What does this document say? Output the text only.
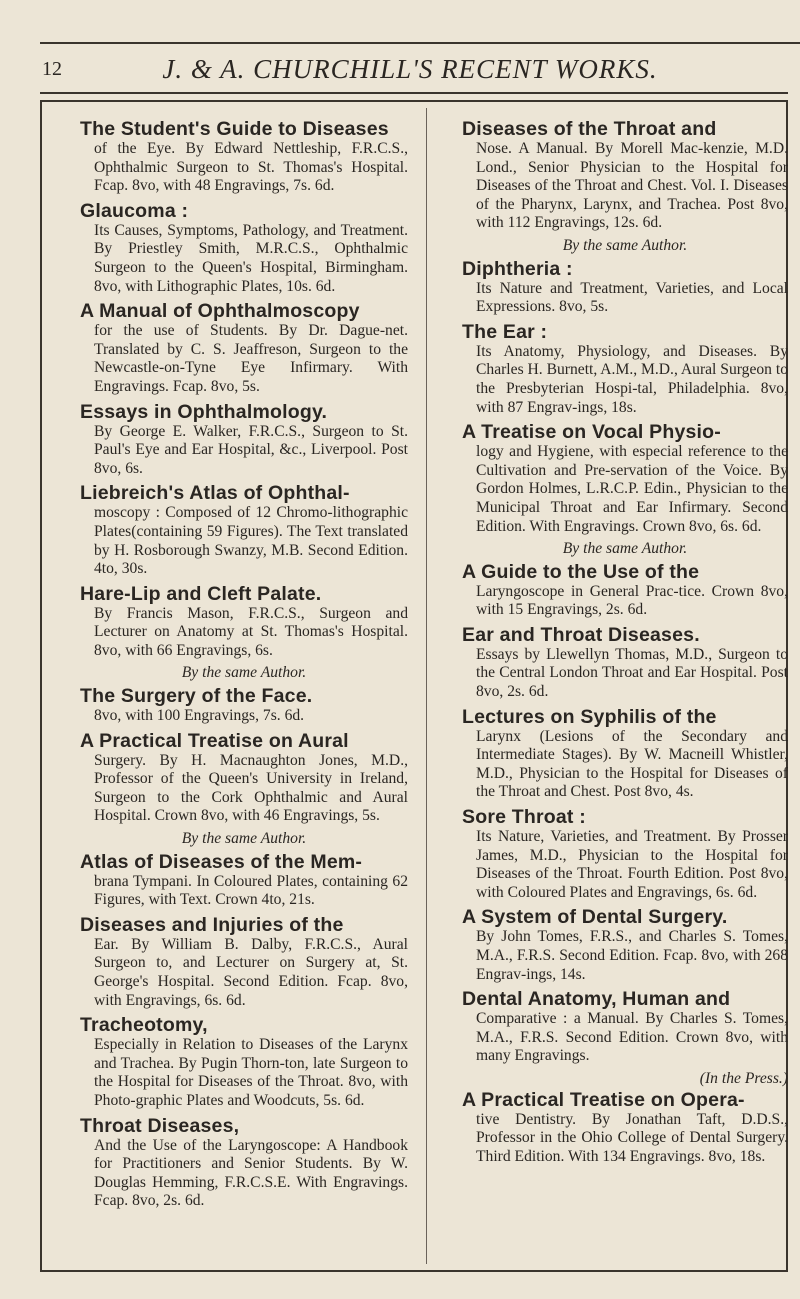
12	J. & A. CHURCHILL'S RECENT WORKS.
The Student's Guide to Diseases
of the Eye. By Edward Nettleship, F.R.C.S., Ophthalmic Surgeon to St. Thomas's Hospital. Fcap. 8vo, with 48 Engravings, 7s. 6d.
Glaucoma :
Its Causes, Symptoms, Pathology, and Treatment. By Priestley Smith, M.R.C.S., Ophthalmic Surgeon to the Queen's Hospital, Birmingham. 8vo, with Lithographic Plates, 10s. 6d.
A Manual of Ophthalmoscopy
for the use of Students. By Dr. Dague-net. Translated by C. S. Jeaffreson, Surgeon to the Newcastle-on-Tyne Eye Infirmary. With Engravings. Fcap. 8vo, 5s.
Essays in Ophthalmology.
By George E. Walker, F.R.C.S., Surgeon to St. Paul's Eye and Ear Hospital, &c., Liverpool. Post 8vo, 6s.
Liebreich's Atlas of Ophthal-
moscopy : Composed of 12 Chromo-lithographic Plates(containing 59 Figures). The Text translated by H. Rosborough Swanzy, M.B. Second Edition. 4to, 30s.
Hare-Lip and Cleft Palate.
By Francis Mason, F.R.C.S., Surgeon and Lecturer on Anatomy at St. Thomas's Hospital. 8vo, with 66 Engravings, 6s.
By the same Author.
The Surgery of the Face.
8vo, with 100 Engravings, 7s. 6d.
A Practical Treatise on Aural
Surgery. By H. Macnaughton Jones, M.D., Professor of the Queen's University in Ireland, Surgeon to the Cork Ophthalmic and Aural Hospital. Crown 8vo, with 46 Engravings, 5s.
By the same Author.
Atlas of Diseases of the Mem-
brana Tympani. In Coloured Plates, containing 62 Figures, with Text. Crown 4to, 21s.
Diseases and Injuries of the
Ear. By William B. Dalby, F.R.C.S., Aural Surgeon to, and Lecturer on Surgery at, St. George's Hospital. Second Edition. Fcap. 8vo, with Engravings, 6s. 6d.
Tracheotomy,
Especially in Relation to Diseases of the Larynx and Trachea. By Pugin Thorn-ton, late Surgeon to the Hospital for Diseases of the Throat. 8vo, with Photo-graphic Plates and Woodcuts, 5s. 6d.
Throat Diseases,
And the Use of the Laryngoscope: A Handbook for Practitioners and Senior Students. By W. Douglas Hemming, F.R.C.S.E. With Engravings. Fcap. 8vo, 2s. 6d.
Diseases of the Throat and
Nose. A Manual. By Morell Mac-kenzie, M.D. Lond., Senior Physician to the Hospital for Diseases of the Throat and Chest. Vol. I. Diseases of the Pharynx, Larynx, and Trachea. Post 8vo, with 112 Engravings, 12s. 6d.
By the same Author.
Diphtheria :
Its Nature and Treatment, Varieties, and Local Expressions. 8vo, 5s.
The Ear :
Its Anatomy, Physiology, and Diseases. By Charles H. Burnett, A.M., M.D., Aural Surgeon to the Presbyterian Hospi-tal, Philadelphia. 8vo, with 87 Engrav-ings, 18s.
A Treatise on Vocal Physio-
logy and Hygiene, with especial reference to the Cultivation and Pre-servation of the Voice. By Gordon Holmes, L.R.C.P. Edin., Physician to the Municipal Throat and Ear Infirmary. Second Edition. With Engravings. Crown 8vo, 6s. 6d.
By the same Author.
A Guide to the Use of the
Laryngoscope in General Prac-tice. Crown 8vo, with 15 Engravings, 2s. 6d.
Ear and Throat Diseases.
Essays by Llewellyn Thomas, M.D., Surgeon to the Central London Throat and Ear Hospital. Post 8vo, 2s. 6d.
Lectures on Syphilis of the
Larynx (Lesions of the Secondary and Intermediate Stages). By W. Macneill Whistler, M.D., Physician to the Hospital for Diseases of the Throat and Chest. Post 8vo, 4s.
Sore Throat :
Its Nature, Varieties, and Treatment. By Prosser James, M.D., Physician to the Hospital for Diseases of the Throat. Fourth Edition. Post 8vo, with Coloured Plates and Engravings, 6s. 6d.
A System of Dental Surgery.
By John Tomes, F.R.S., and Charles S. Tomes, M.A., F.R.S. Second Edition. Fcap. 8vo, with 268 Engrav-ings, 14s.
Dental Anatomy, Human and
Comparative : a Manual. By Charles S. Tomes, M.A., F.R.S. Second Edition. Crown 8vo, with many Engravings.
(In the Press.)
A Practical Treatise on Opera-
tive Dentistry. By Jonathan Taft, D.D.S., Professor in the Ohio College of Dental Surgery. Third Edition. With 134 Engravings. 8vo, 18s.
